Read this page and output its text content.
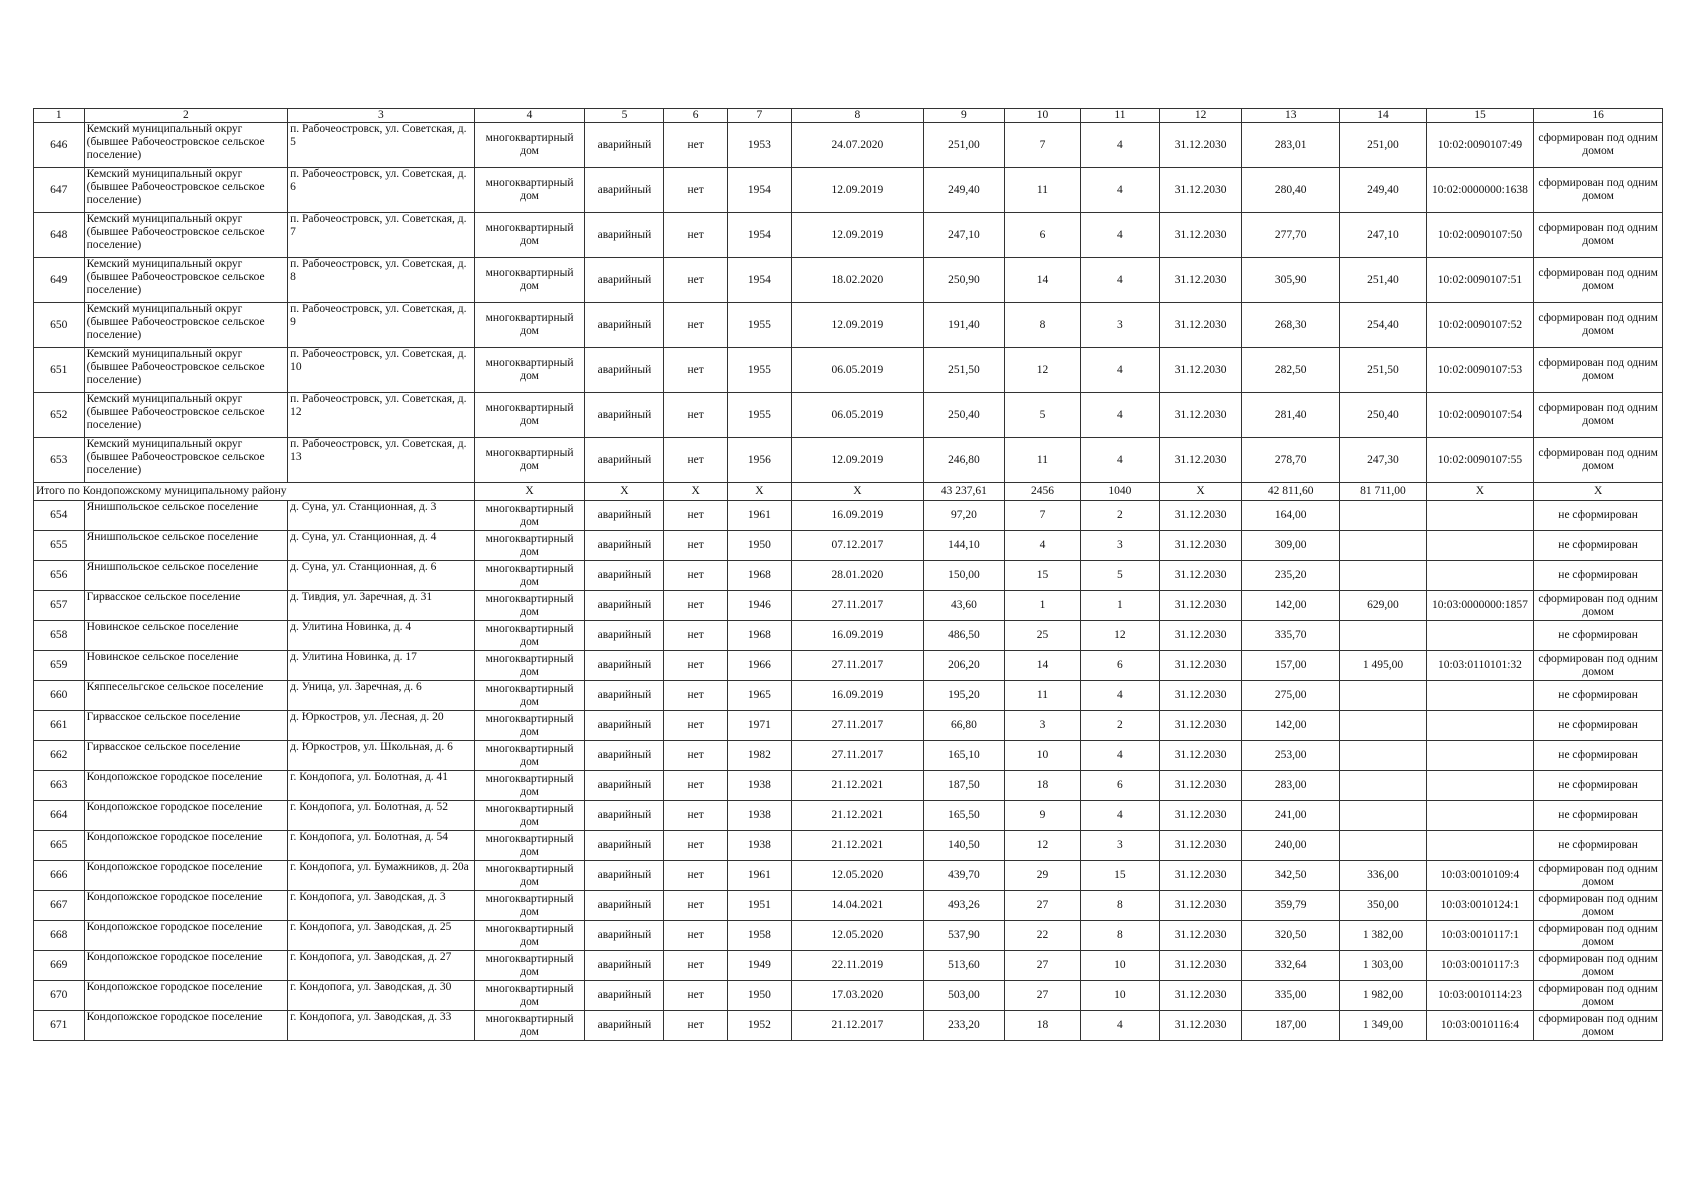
1	2	3	4	5	6	7	8	9	10	11	12	13	14	15	16
646	Кемский муниципальный округ (бывшее Рабочеостровское сельское поселение)	п. Рабочеостровск, ул. Советская, д. 5	многоквартирный дом	аварийный	нет	1953	24.07.2020	251,00	7	4	31.12.2030	283,01	251,00	10:02:0090107:49	сформирован под одним домом
647	Кемский муниципальный округ (бывшее Рабочеостровское сельское поселение)	п. Рабочеостровск, ул. Советская, д. 6	многоквартирный дом	аварийный	нет	1954	12.09.2019	249,40	11	4	31.12.2030	280,40	249,40	10:02:0000000:1638	сформирован под одним домом
648	Кемский муниципальный округ (бывшее Рабочеостровское сельское поселение)	п. Рабочеостровск, ул. Советская, д. 7	многоквартирный дом	аварийный	нет	1954	12.09.2019	247,10	6	4	31.12.2030	277,70	247,10	10:02:0090107:50	сформирован под одним домом
649	Кемский муниципальный округ (бывшее Рабочеостровское сельское поселение)	п. Рабочеостровск, ул. Советская, д. 8	многоквартирный дом	аварийный	нет	1954	18.02.2020	250,90	14	4	31.12.2030	305,90	251,40	10:02:0090107:51	сформирован под одним домом
650	Кемский муниципальный округ (бывшее Рабочеостровское сельское поселение)	п. Рабочеостровск, ул. Советская, д. 9	многоквартирный дом	аварийный	нет	1955	12.09.2019	191,40	8	3	31.12.2030	268,30	254,40	10:02:0090107:52	сформирован под одним домом
651	Кемский муниципальный округ (бывшее Рабочеостровское сельское поселение)	п. Рабочеостровск, ул. Советская, д. 10	многоквартирный дом	аварийный	нет	1955	06.05.2019	251,50	12	4	31.12.2030	282,50	251,50	10:02:0090107:53	сформирован под одним домом
652	Кемский муниципальный округ (бывшее Рабочеостровское сельское поселение)	п. Рабочеостровск, ул. Советская, д. 12	многоквартирный дом	аварийный	нет	1955	06.05.2019	250,40	5	4	31.12.2030	281,40	250,40	10:02:0090107:54	сформирован под одним домом
653	Кемский муниципальный округ (бывшее Рабочеостровское сельское поселение)	п. Рабочеостровск, ул. Советская, д. 13	многоквартирный дом	аварийный	нет	1956	12.09.2019	246,80	11	4	31.12.2030	278,70	247,30	10:02:0090107:55	сформирован под одним домом
Итого по Кондопожскому муниципальному району			X	X	X	X	X	43 237,61	2456	1040	X	42 811,60	81 711,00	X	X
654	Янишпольское сельское поселение	д. Суна, ул. Станционная, д. 3	многоквартирный дом	аварийный	нет	1961	16.09.2019	97,20	7	2	31.12.2030	164,00			не сформирован
655	Янишпольское сельское поселение	д. Суна, ул. Станционная, д. 4	многоквартирный дом	аварийный	нет	1950	07.12.2017	144,10	4	3	31.12.2030	309,00			не сформирован
656	Янишпольское сельское поселение	д. Суна, ул. Станционная, д. 6	многоквартирный дом	аварийный	нет	1968	28.01.2020	150,00	15	5	31.12.2030	235,20			не сформирован
657	Гирвасское сельское поселение	д. Тивдия, ул. Заречная, д. 31	многоквартирный дом	аварийный	нет	1946	27.11.2017	43,60	1	1	31.12.2030	142,00	629,00	10:03:0000000:1857	сформирован под одним домом
658	Новинское сельское поселение	д. Улитина Новинка, д. 4	многоквартирный дом	аварийный	нет	1968	16.09.2019	486,50	25	12	31.12.2030	335,70			не сформирован
659	Новинское сельское поселение	д. Улитина Новинка, д. 17	многоквартирный дом	аварийный	нет	1966	27.11.2017	206,20	14	6	31.12.2030	157,00	1 495,00	10:03:0110101:32	сформирован под одним домом
660	Кяппесельгское сельское поселение	д. Уница, ул. Заречная, д. 6	многоквартирный дом	аварийный	нет	1965	16.09.2019	195,20	11	4	31.12.2030	275,00			не сформирован
661	Гирвасское сельское поселение	д. Юркостров, ул. Лесная, д. 20	многоквартирный дом	аварийный	нет	1971	27.11.2017	66,80	3	2	31.12.2030	142,00			не сформирован
662	Гирвасское сельское поселение	д. Юркостров, ул. Школьная, д. 6	многоквартирный дом	аварийный	нет	1982	27.11.2017	165,10	10	4	31.12.2030	253,00			не сформирован
663	Кондопожское городское поселение	г. Кондопога, ул. Болотная, д. 41	многоквартирный дом	аварийный	нет	1938	21.12.2021	187,50	18	6	31.12.2030	283,00			не сформирован
664	Кондопожское городское поселение	г. Кондопога, ул. Болотная, д. 52	многоквартирный дом	аварийный	нет	1938	21.12.2021	165,50	9	4	31.12.2030	241,00			не сформирован
665	Кондопожское городское поселение	г. Кондопога, ул. Болотная, д. 54	многоквартирный дом	аварийный	нет	1938	21.12.2021	140,50	12	3	31.12.2030	240,00			не сформирован
666	Кондопожское городское поселение	г. Кондопога, ул. Бумажников, д. 20а	многоквартирный дом	аварийный	нет	1961	12.05.2020	439,70	29	15	31.12.2030	342,50	336,00	10:03:0010109:4	сформирован под одним домом
667	Кондопожское городское поселение	г. Кондопога, ул. Заводская, д. 3	многоквартирный дом	аварийный	нет	1951	14.04.2021	493,26	27	8	31.12.2030	359,79	350,00	10:03:0010124:1	сформирован под одним домом
668	Кондопожское городское поселение	г. Кондопога, ул. Заводская, д. 25	многоквартирный дом	аварийный	нет	1958	12.05.2020	537,90	22	8	31.12.2030	320,50	1 382,00	10:03:0010117:1	сформирован под одним домом
669	Кондопожское городское поселение	г. Кондопога, ул. Заводская, д. 27	многоквартирный дом	аварийный	нет	1949	22.11.2019	513,60	27	10	31.12.2030	332,64	1 303,00	10:03:0010117:3	сформирован под одним домом
670	Кондопожское городское поселение	г. Кондопога, ул. Заводская, д. 30	многоквартирный дом	аварийный	нет	1950	17.03.2020	503,00	27	10	31.12.2030	335,00	1 982,00	10:03:0010114:23	сформирован под одним домом
671	Кондопожское городское поселение	г. Кондопога, ул. Заводская, д. 33	многоквартирный дом	аварийный	нет	1952	21.12.2017	233,20	18	4	31.12.2030	187,00	1 349,00	10:03:0010116:4	сформирован под одним домом
